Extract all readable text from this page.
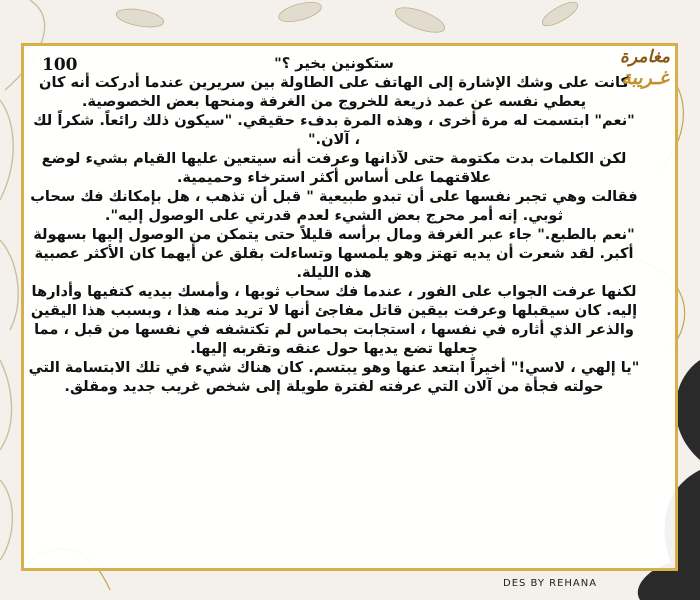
100	مغامرة
غـريبة

ستكونين بخير ؟"

كانت على وشك الإشارة إلى الهاتف على الطاولة بين سريرين عندما أدركت أنه كان يعطي نفسه عن عمد ذريعة للخروج من الغرفة ومنحها بعض الخصوصية.

"نعم" ابتسمت له مرة أخرى ، وهذه المرة بدفء حقيقي. "سيكون ذلك رائعاً. شكراً لك ، آلان."

لكن الكلمات بدت مكتومة حتى لآذانها وعرفت أنه سيتعين عليها القيام بشيء لوضع علاقتهما على أساس أكثر استرخاء وحميمية.

فقالت وهي تجبر نفسها على أن تبدو طبيعية " قبل أن تذهب ، هل بإمكانك فك سحاب ثوبي. إنه أمر محرج بعض الشيء لعدم قدرتي على الوصول إليه".

"نعم بالطبع." جاء عبر الغرفة ومال برأسه قليلاً حتى يتمكن من الوصول إليها بسهولة أكبر. لقد شعرت أن يديه تهتز وهو يلمسها وتساءلت بقلق عن أيهما كان الأكثر عصبية هذه الليلة.

لكنها عرفت الجواب على الفور ، عندما فك سحاب ثوبها ، وأمسك بيديه كتفيها وأدارها إليه. كان سيقبلها وعرفت بيقين قاتل مفاجئ أنها لا تريد منه هذا ، وبسبب هذا اليقين والذعر الذي أثاره في نفسها ، استجابت بحماس لم تكتشفه في نفسها من قبل ، مما جعلها تضع يديها حول عنقه وتقربه إليها.

"يا إلهي ، لاسي!" أخيراً ابتعد عنها وهو يبتسم. كان هناك شيء في تلك الابتسامة التي حولته فجأة من آلان التي عرفته لفترة طويلة إلى شخص غريب جديد ومقلق.

DES BY REHANA
